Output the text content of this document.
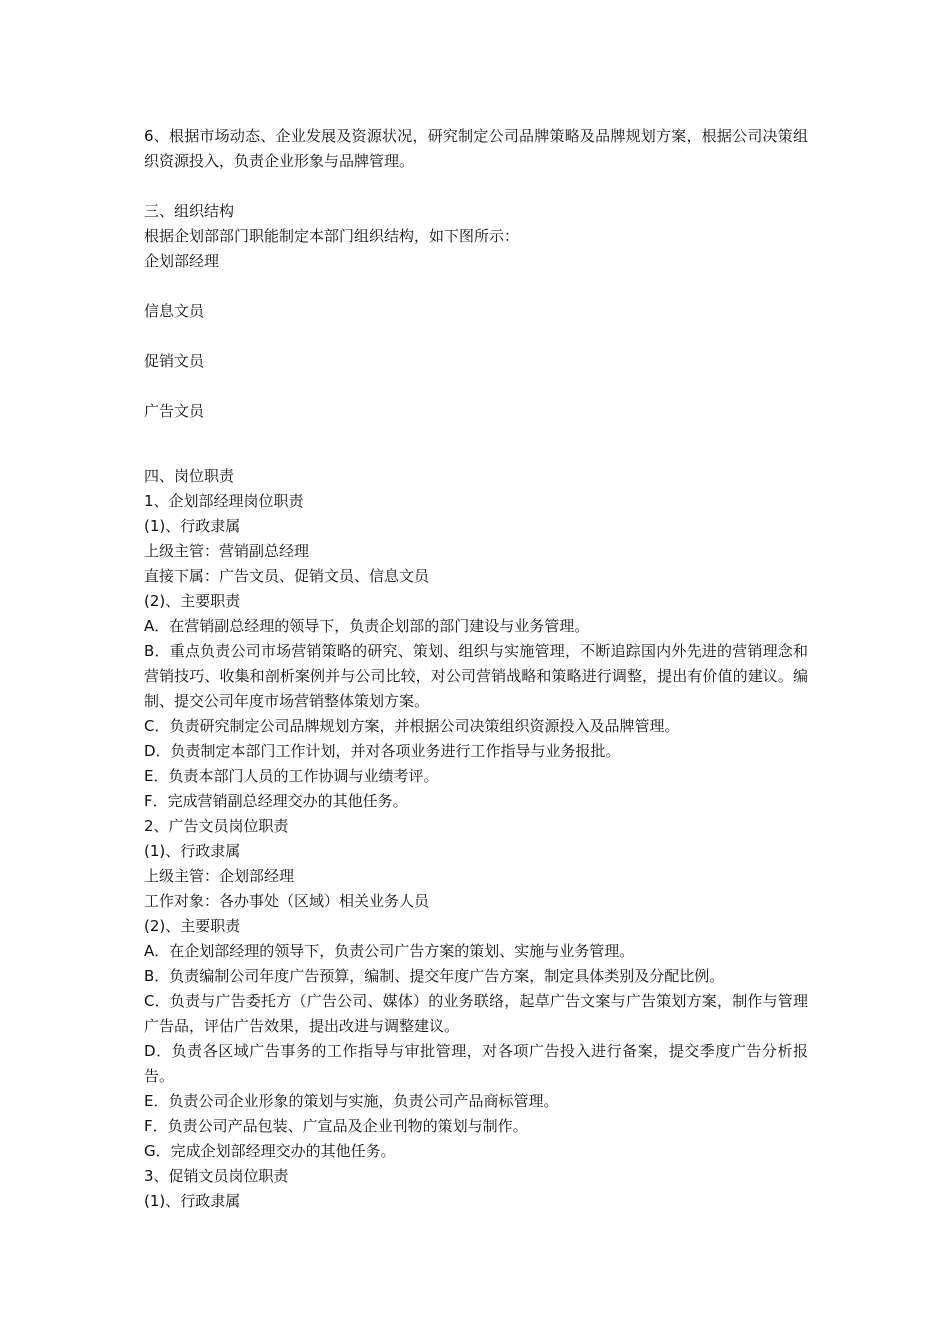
6、根据市场动态、企业发展及资源状况，研究制定公司品牌策略及品牌规划方案，根据公司决策组织资源投入，负责企业形象与品牌管理。
三、组织结构
根据企划部部门职能制定本部门组织结构，如下图所示：
企划部经理
信息文员
促销文员
广告文员
四、岗位职责
1、企划部经理岗位职责
(1)、行政隶属
上级主管：营销副总经理
直接下属：广告文员、促销文员、信息文员
(2)、主要职责
A．在营销副总经理的领导下，负责企划部的部门建设与业务管理。
B．重点负责公司市场营销策略的研究、策划、组织与实施管理，不断追踪国内外先进的营销理念和营销技巧、收集和剖析案例并与公司比较，对公司营销战略和策略进行调整，提出有价值的建议。编制、提交公司年度市场营销整体策划方案。
C．负责研究制定公司品牌规划方案，并根据公司决策组织资源投入及品牌管理。
D．负责制定本部门工作计划，并对各项业务进行工作指导与业务报批。
E．负责本部门人员的工作协调与业绩考评。
F．完成营销副总经理交办的其他任务。
2、广告文员岗位职责
(1)、行政隶属
上级主管：企划部经理
工作对象：各办事处（区域）相关业务人员
(2)、主要职责
A．在企划部经理的领导下，负责公司广告方案的策划、实施与业务管理。
B．负责编制公司年度广告预算，编制、提交年度广告方案，制定具体类别及分配比例。
C．负责与广告委托方（广告公司、媒体）的业务联络，起草广告文案与广告策划方案，制作与管理广告品，评估广告效果，提出改进与调整建议。
D．负责各区域广告事务的工作指导与审批管理，对各项广告投入进行备案，提交季度广告分析报告。
E．负责公司企业形象的策划与实施，负责公司产品商标管理。
F．负责公司产品包装、广宣品及企业刊物的策划与制作。
G．完成企划部经理交办的其他任务。
3、促销文员岗位职责
(1)、行政隶属
